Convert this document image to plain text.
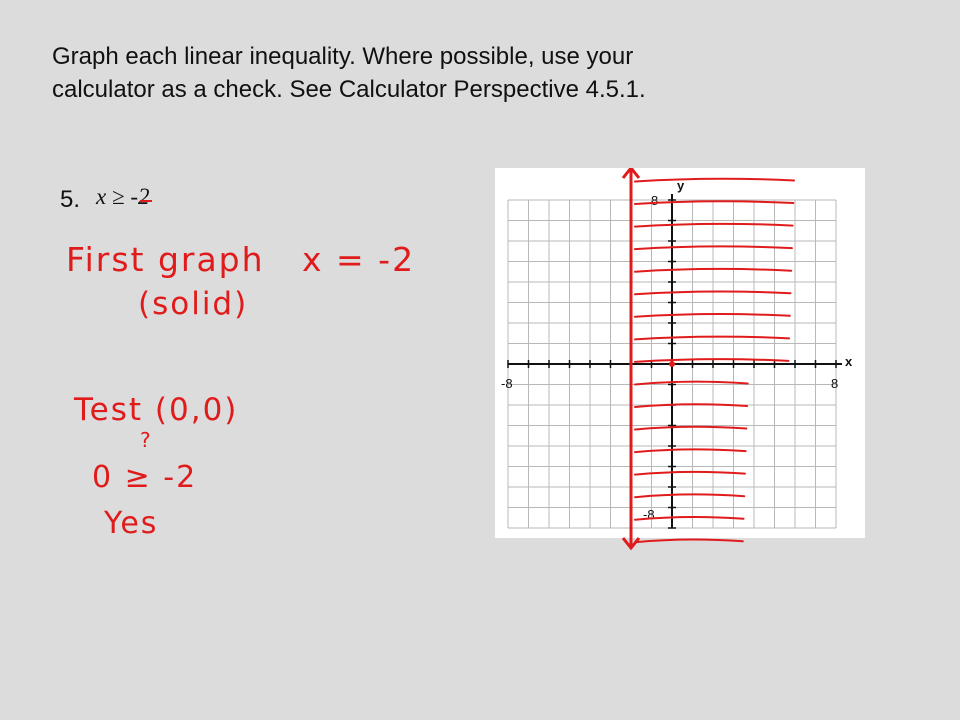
Graph each linear inequality. Where possible, use your
calculator as a check. See Calculator Perspective 4.5.1.
5. x ≥ -2
First graph x = -2
(solid)
Test (0,0)
?
0 ≥ -2
Yes
y
x
-8	8
8
-8
